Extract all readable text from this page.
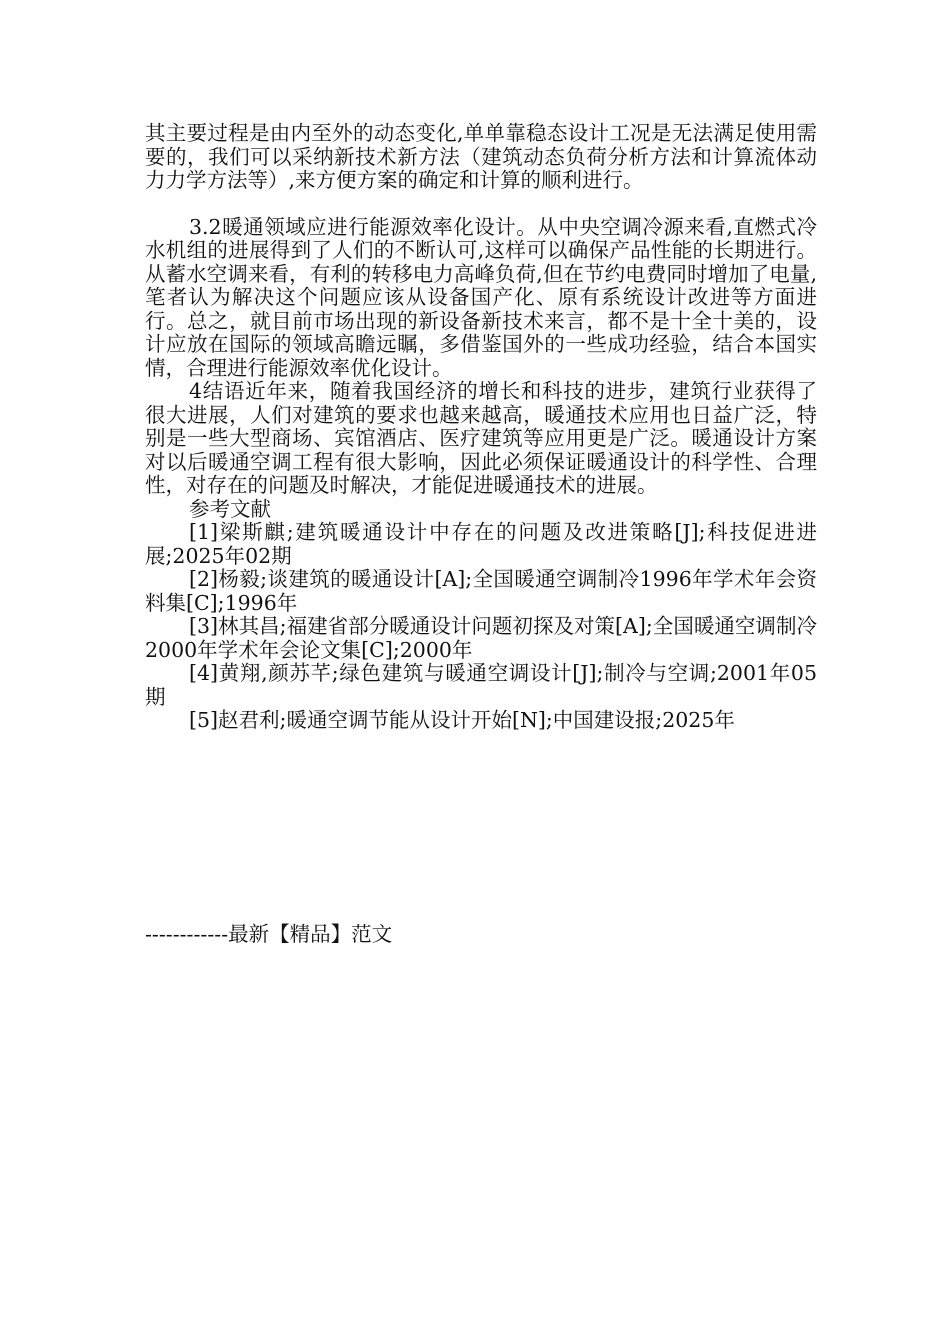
其主要过程是由内至外的动态变化,单单靠稳态设计工况是无法满足使用需要的，我们可以采纳新技术新方法（建筑动态负荷分析方法和计算流体动力力学方法等）,来方便方案的确定和计算的顺利进行。

3.2暖通领域应进行能源效率化设计。从中央空调冷源来看,直燃式冷水机组的进展得到了人们的不断认可,这样可以确保产品性能的长期进行。从蓄水空调来看，有利的转移电力高峰负荷,但在节约电费同时增加了电量, 笔者认为解决这个问题应该从设备国产化、原有系统设计改进等方面进行。总之，就目前市场出现的新设备新技术来言，都不是十全十美的，设计应放在国际的领域高瞻远瞩，多借鉴国外的一些成功经验，结合本国实情，合理进行能源效率优化设计。

4结语近年来，随着我国经济的增长和科技的进步，建筑行业获得了很大进展，人们对建筑的要求也越来越高，暖通技术应用也日益广泛，特别是一些大型商场、宾馆酒店、医疗建筑等应用更是广泛。暖通设计方案对以后暖通空调工程有很大影响，因此必须保证暖通设计的科学性、合理性，对存在的问题及时解决，才能促进暖通技术的进展。

参考文献

[1]梁斯麒;建筑暖通设计中存在的问题及改进策略[J];科技促进进展;2025年02期

[2]杨毅;谈建筑的暖通设计[A];全国暖通空调制冷1996年学术年会资料集[C];1996年

[3]林其昌;福建省部分暖通设计问题初探及对策[A];全国暖通空调制冷2000年学术年会论文集[C];2000年

[4]黄翔,颜苏芊;绿色建筑与暖通空调设计[J];制冷与空调;2001年05期

[5]赵君利;暖通空调节能从设计开始[N];中国建设报;2025年

------------最新【精品】范文
